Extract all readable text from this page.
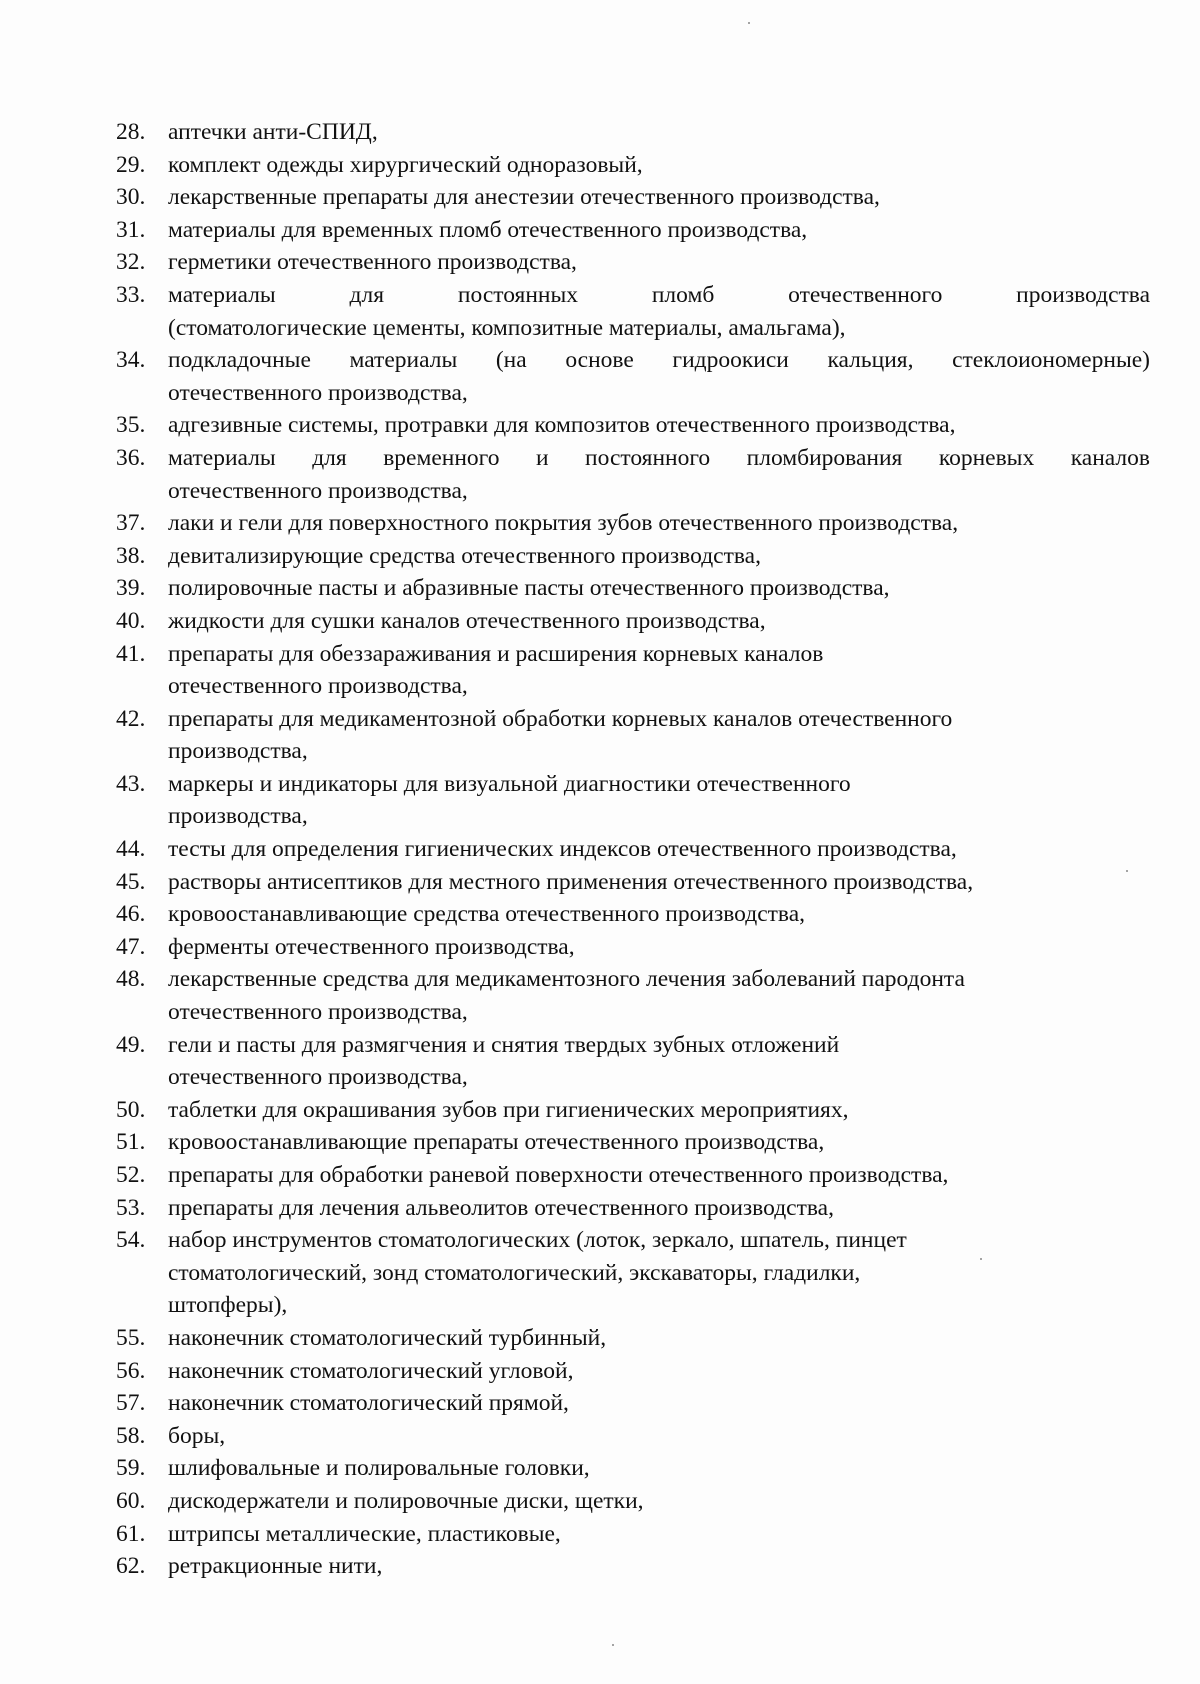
28. аптечки анти-СПИД,
29. комплект одежды хирургический одноразовый,
30. лекарственные препараты для анестезии отечественного производства,
31. материалы для временных пломб отечественного производства,
32. герметики отечественного производства,
33. материалы для постоянных пломб отечественного производства
(стоматологические цементы, композитные материалы, амальгама),
34. подкладочные материалы (на основе гидроокиси кальция, стеклоиономерные)
отечественного производства,
35. адгезивные системы, протравки для композитов отечественного производства,
36. материалы для временного и постоянного пломбирования корневых каналов
отечественного производства,
37. лаки и гели для поверхностного покрытия зубов отечественного производства,
38. девитализирующие средства отечественного производства,
39. полировочные пасты и абразивные пасты отечественного производства,
40. жидкости для сушки каналов отечественного производства,
41. препараты для обеззараживания и расширения корневых каналов
отечественного производства,
42. препараты для медикаментозной обработки корневых каналов отечественного
производства,
43. маркеры и индикаторы для визуальной диагностики отечественного
производства,
44. тесты для определения гигиенических индексов отечественного производства,
45. растворы антисептиков для местного применения отечественного производства,
46. кровоостанавливающие средства отечественного производства,
47. ферменты отечественного производства,
48. лекарственные средства для медикаментозного лечения заболеваний пародонта
отечественного производства,
49. гели и пасты для размягчения и снятия твердых зубных отложений
отечественного производства,
50. таблетки для окрашивания зубов при гигиенических мероприятиях,
51. кровоостанавливающие препараты отечественного производства,
52. препараты для обработки раневой поверхности отечественного производства,
53. препараты для лечения альвеолитов отечественного производства,
54. набор инструментов стоматологических (лоток, зеркало, шпатель, пинцет
стоматологический, зонд стоматологический, экскаваторы, гладилки,
штопферы),
55. наконечник стоматологический турбинный,
56. наконечник стоматологический угловой,
57. наконечник стоматологический прямой,
58. боры,
59. шлифовальные и полировальные головки,
60. дискодержатели и полировочные диски, щетки,
61. штрипсы металлические, пластиковые,
62. ретракционные нити,
